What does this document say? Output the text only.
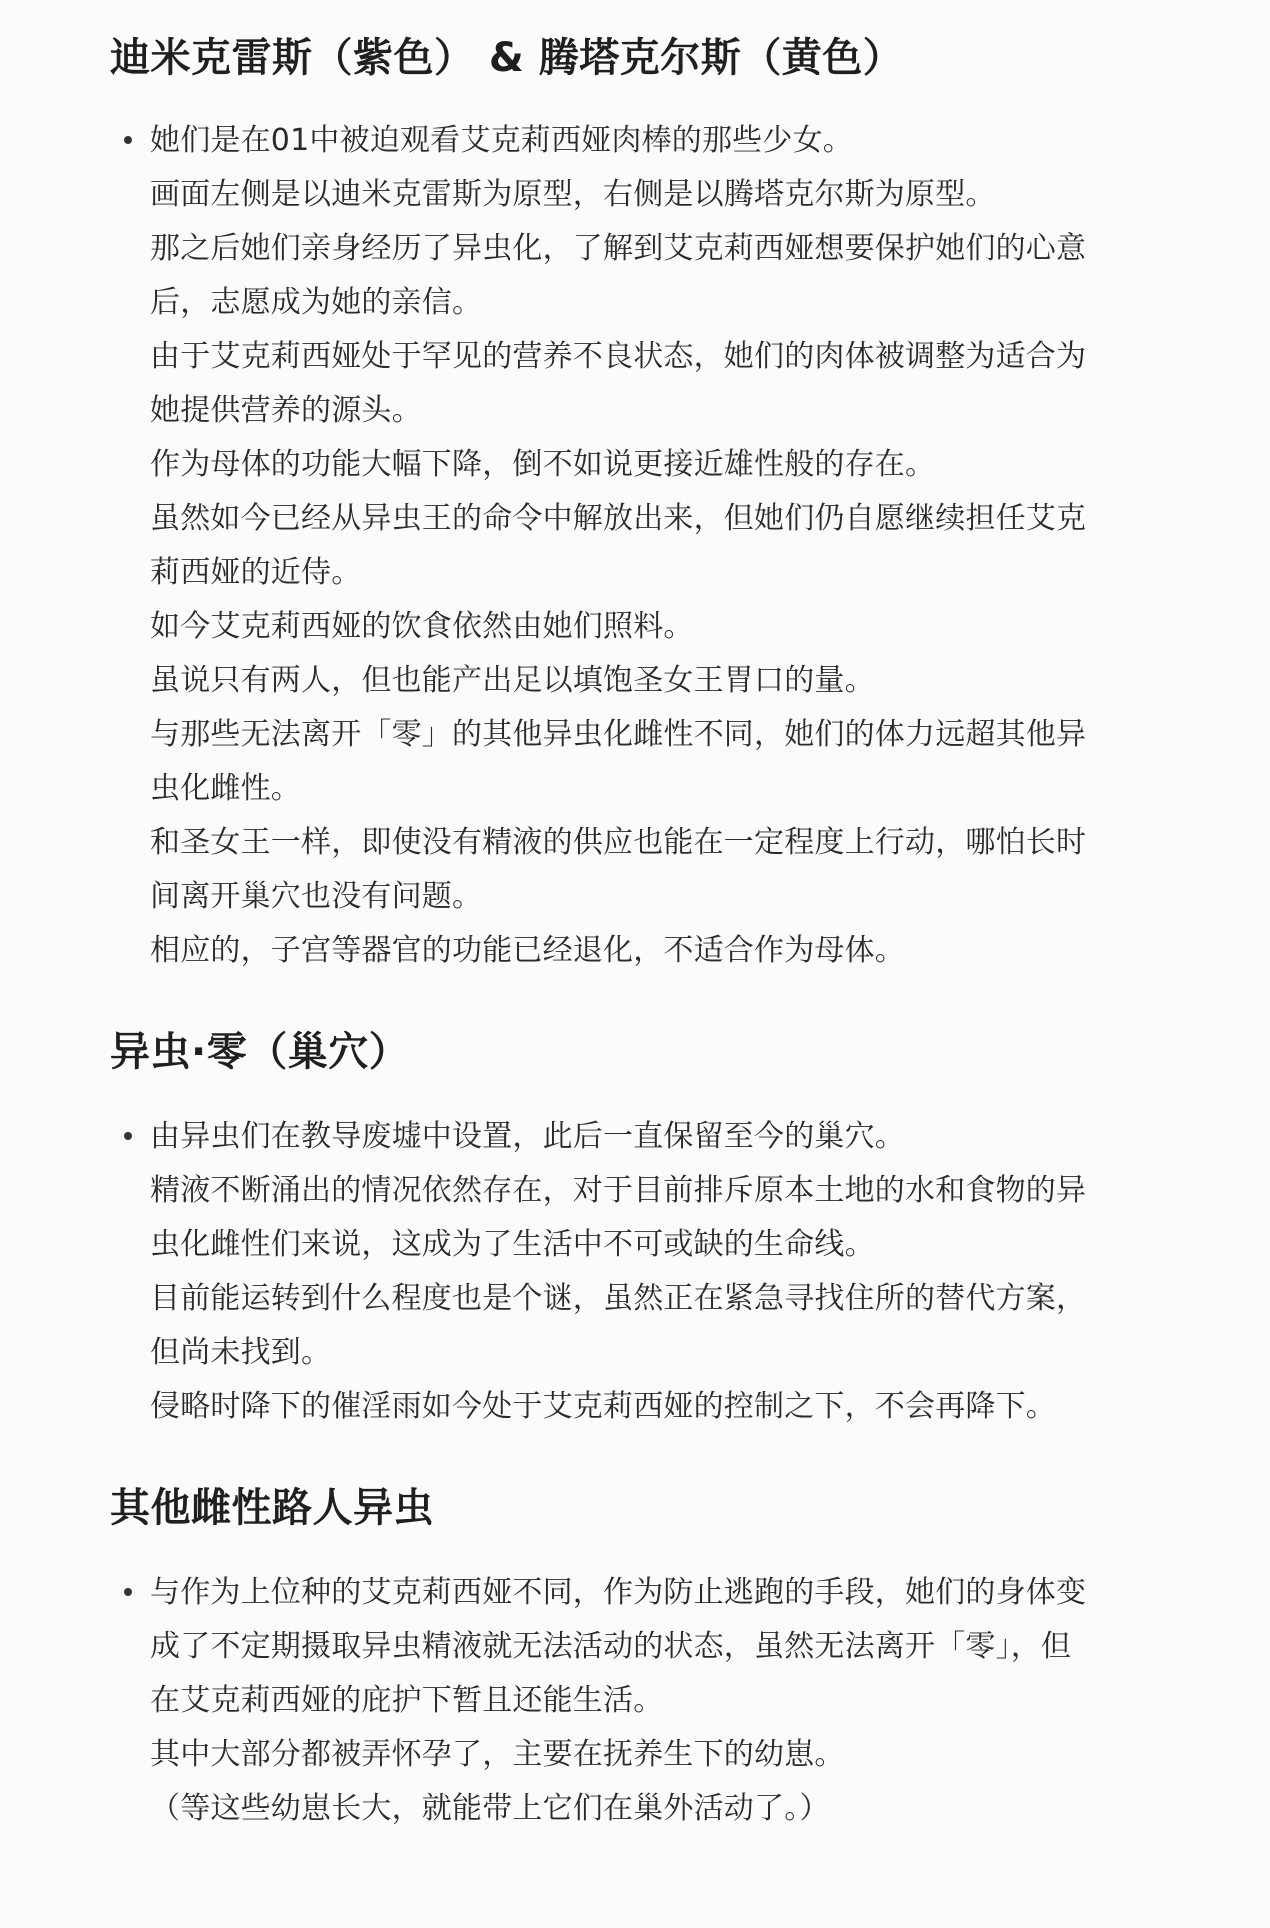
迪米克雷斯（紫色） & 腾塔克尔斯（黄色）
她们是在01中被迫观看艾克莉西娅肉棒的那些少女。
画面左侧是以迪米克雷斯为原型，右侧是以腾塔克尔斯为原型。
那之后她们亲身经历了异虫化，了解到艾克莉西娅想要保护她们的心意
后，志愿成为她的亲信。
由于艾克莉西娅处于罕见的营养不良状态，她们的肉体被调整为适合为
她提供营养的源头。
作为母体的功能大幅下降，倒不如说更接近雄性般的存在。
虽然如今已经从异虫王的命令中解放出来，但她们仍自愿继续担任艾克
莉西娅的近侍。
如今艾克莉西娅的饮食依然由她们照料。
虽说只有两人，但也能产出足以填饱圣女王胃口的量。
与那些无法离开「零」的其他异虫化雌性不同，她们的体力远超其他异
虫化雌性。
和圣女王一样，即使没有精液的供应也能在一定程度上行动，哪怕长时
间离开巢穴也没有问题。
相应的，子宫等器官的功能已经退化，不适合作为母体。
异虫·零（巢穴）
由异虫们在教导废墟中设置，此后一直保留至今的巢穴。
精液不断涌出的情况依然存在，对于目前排斥原本土地的水和食物的异
虫化雌性们来说，这成为了生活中不可或缺的生命线。
目前能运转到什么程度也是个谜，虽然正在紧急寻找住所的替代方案，
但尚未找到。
侵略时降下的催淫雨如今处于艾克莉西娅的控制之下，不会再降下。
其他雌性路人异虫
与作为上位种的艾克莉西娅不同，作为防止逃跑的手段，她们的身体变
成了不定期摄取异虫精液就无法活动的状态，虽然无法离开「零」，但
在艾克莉西娅的庇护下暂且还能生活。
其中大部分都被弄怀孕了，主要在抚养生下的幼崽。
（等这些幼崽长大，就能带上它们在巢外活动了。）
